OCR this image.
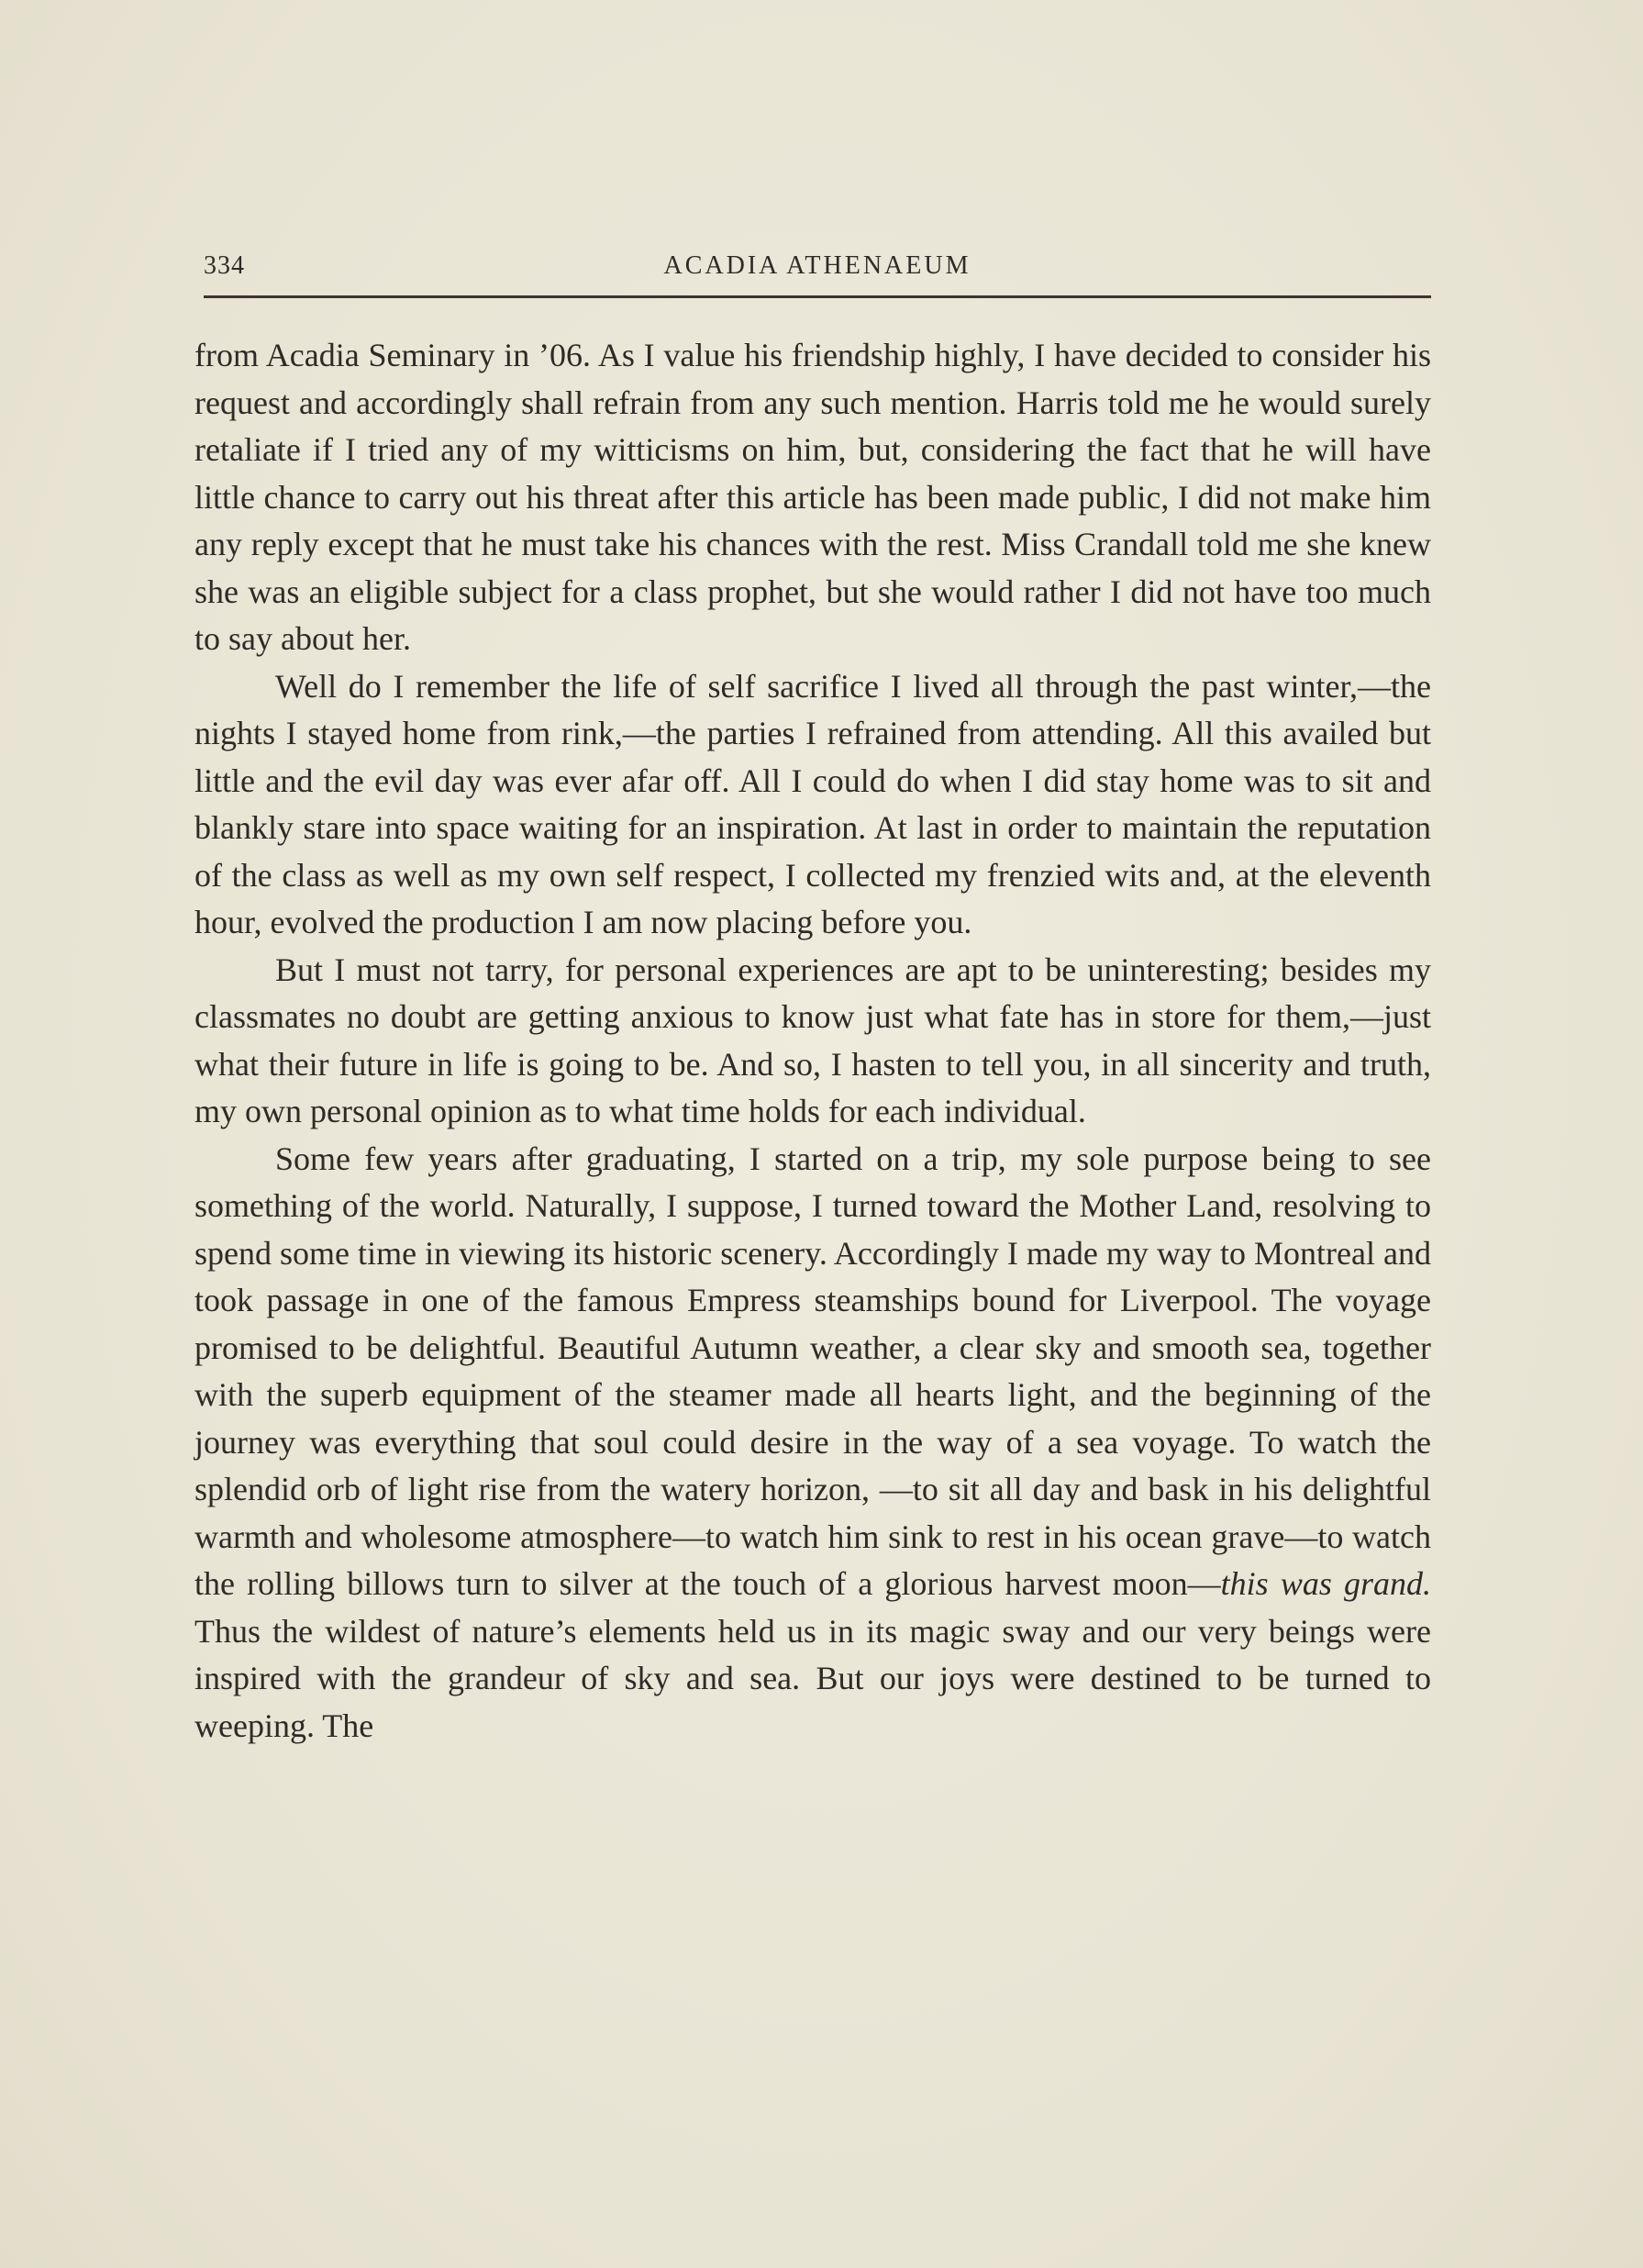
334	ACADIA ATHENAEUM

from Acadia Seminary in ’06. As I value his friendship highly, I have decided to consider his request and accordingly shall refrain from any such mention. Harris told me he would surely retaliate if I tried any of my witticisms on him, but, considering the fact that he will have little chance to carry out his threat after this article has been made public, I did not make him any reply except that he must take his chances with the rest. Miss Crandall told me she knew she was an eligible subject for a class prophet, but she would rather I did not have too much to say about her.

Well do I remember the life of self sacrifice I lived all through the past winter,—the nights I stayed home from rink,—the parties I refrained from attending. All this availed but little and the evil day was ever afar off. All I could do when I did stay home was to sit and blankly stare into space waiting for an inspiration. At last in order to maintain the reputation of the class as well as my own self respect, I collected my frenzied wits and, at the eleventh hour, evolved the production I am now placing before you.

But I must not tarry, for personal experiences are apt to be uninteresting; besides my classmates no doubt are getting anxious to know just what fate has in store for them,—just what their future in life is going to be. And so, I hasten to tell you, in all sincerity and truth, my own personal opinion as to what time holds for each individual.

Some few years after graduating, I started on a trip, my sole purpose being to see something of the world. Naturally, I suppose, I turned toward the Mother Land, resolving to spend some time in viewing its historic scenery. Accordingly I made my way to Montreal and took passage in one of the famous Empress steamships bound for Liverpool. The voyage promised to be delightful. Beautiful Autumn weather, a clear sky and smooth sea, together with the superb equipment of the steamer made all hearts light, and the beginning of the journey was everything that soul could desire in the way of a sea voyage. To watch the splendid orb of light rise from the watery horizon, —to sit all day and bask in his delightful warmth and wholesome atmosphere—to watch him sink to rest in his ocean grave—to watch the rolling billows turn to silver at the touch of a glorious harvest moon—this was grand. Thus the wildest of nature’s elements held us in its magic sway and our very beings were inspired with the grandeur of sky and sea. But our joys were destined to be turned to weeping. The
